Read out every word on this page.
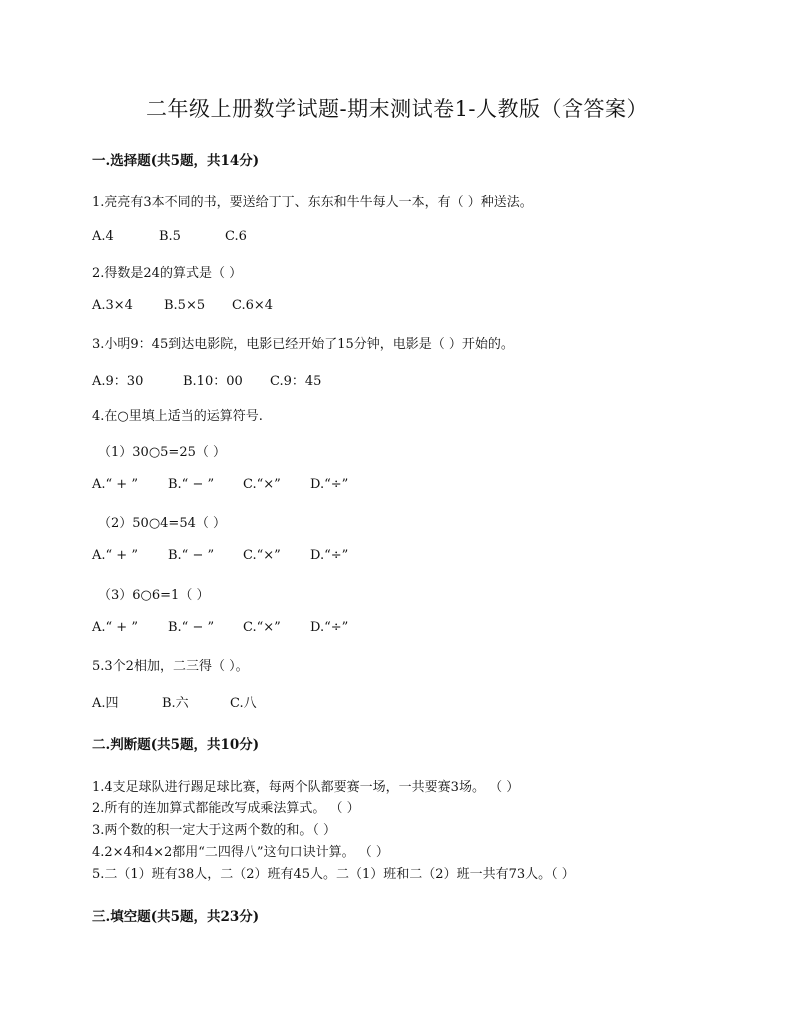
二年级上册数学试题-期末测试卷1-人教版（含答案）
一.选择题(共5题，共14分)
1.亮亮有3本不同的书，要送给丁丁、东东和牛牛每人一本，有（ ）种送法。
A.4	B.5	C.6
2.得数是24的算式是（ ）
A.3×4 B.5×5 C.6×4
3.小明9：45到达电影院，电影已经开始了15分钟，电影是（ ）开始的。
A.9：30	B.10：00 C.9：45
4.在○里填上适当的运算符号.
（1）30○5=25（ ）
A.“ + ” B.“ − ” C.“×” D.“÷”
（2）50○4=54（ ）
A.“ + ” B.“ − ” C.“×” D.“÷”
（3）6○6=1（ ）
A.“ + ” B.“ − ” C.“×” D.“÷”
5.3个2相加，二三得（ ）。
A.四	B.六	C.八
二.判断题(共5题，共10分)
1.4支足球队进行踢足球比赛，每两个队都要赛一场，一共要赛3场。 （ ）
2.所有的连加算式都能改写成乘法算式。 （ ）
3.两个数的积一定大于这两个数的和。（ ）
4.2×4和4×2都用“二四得八”这句口诀计算。 （ ）
5.二（1）班有38人，二（2）班有45人。二（1）班和二（2）班一共有73人。（ ）
三.填空题(共5题，共23分)
